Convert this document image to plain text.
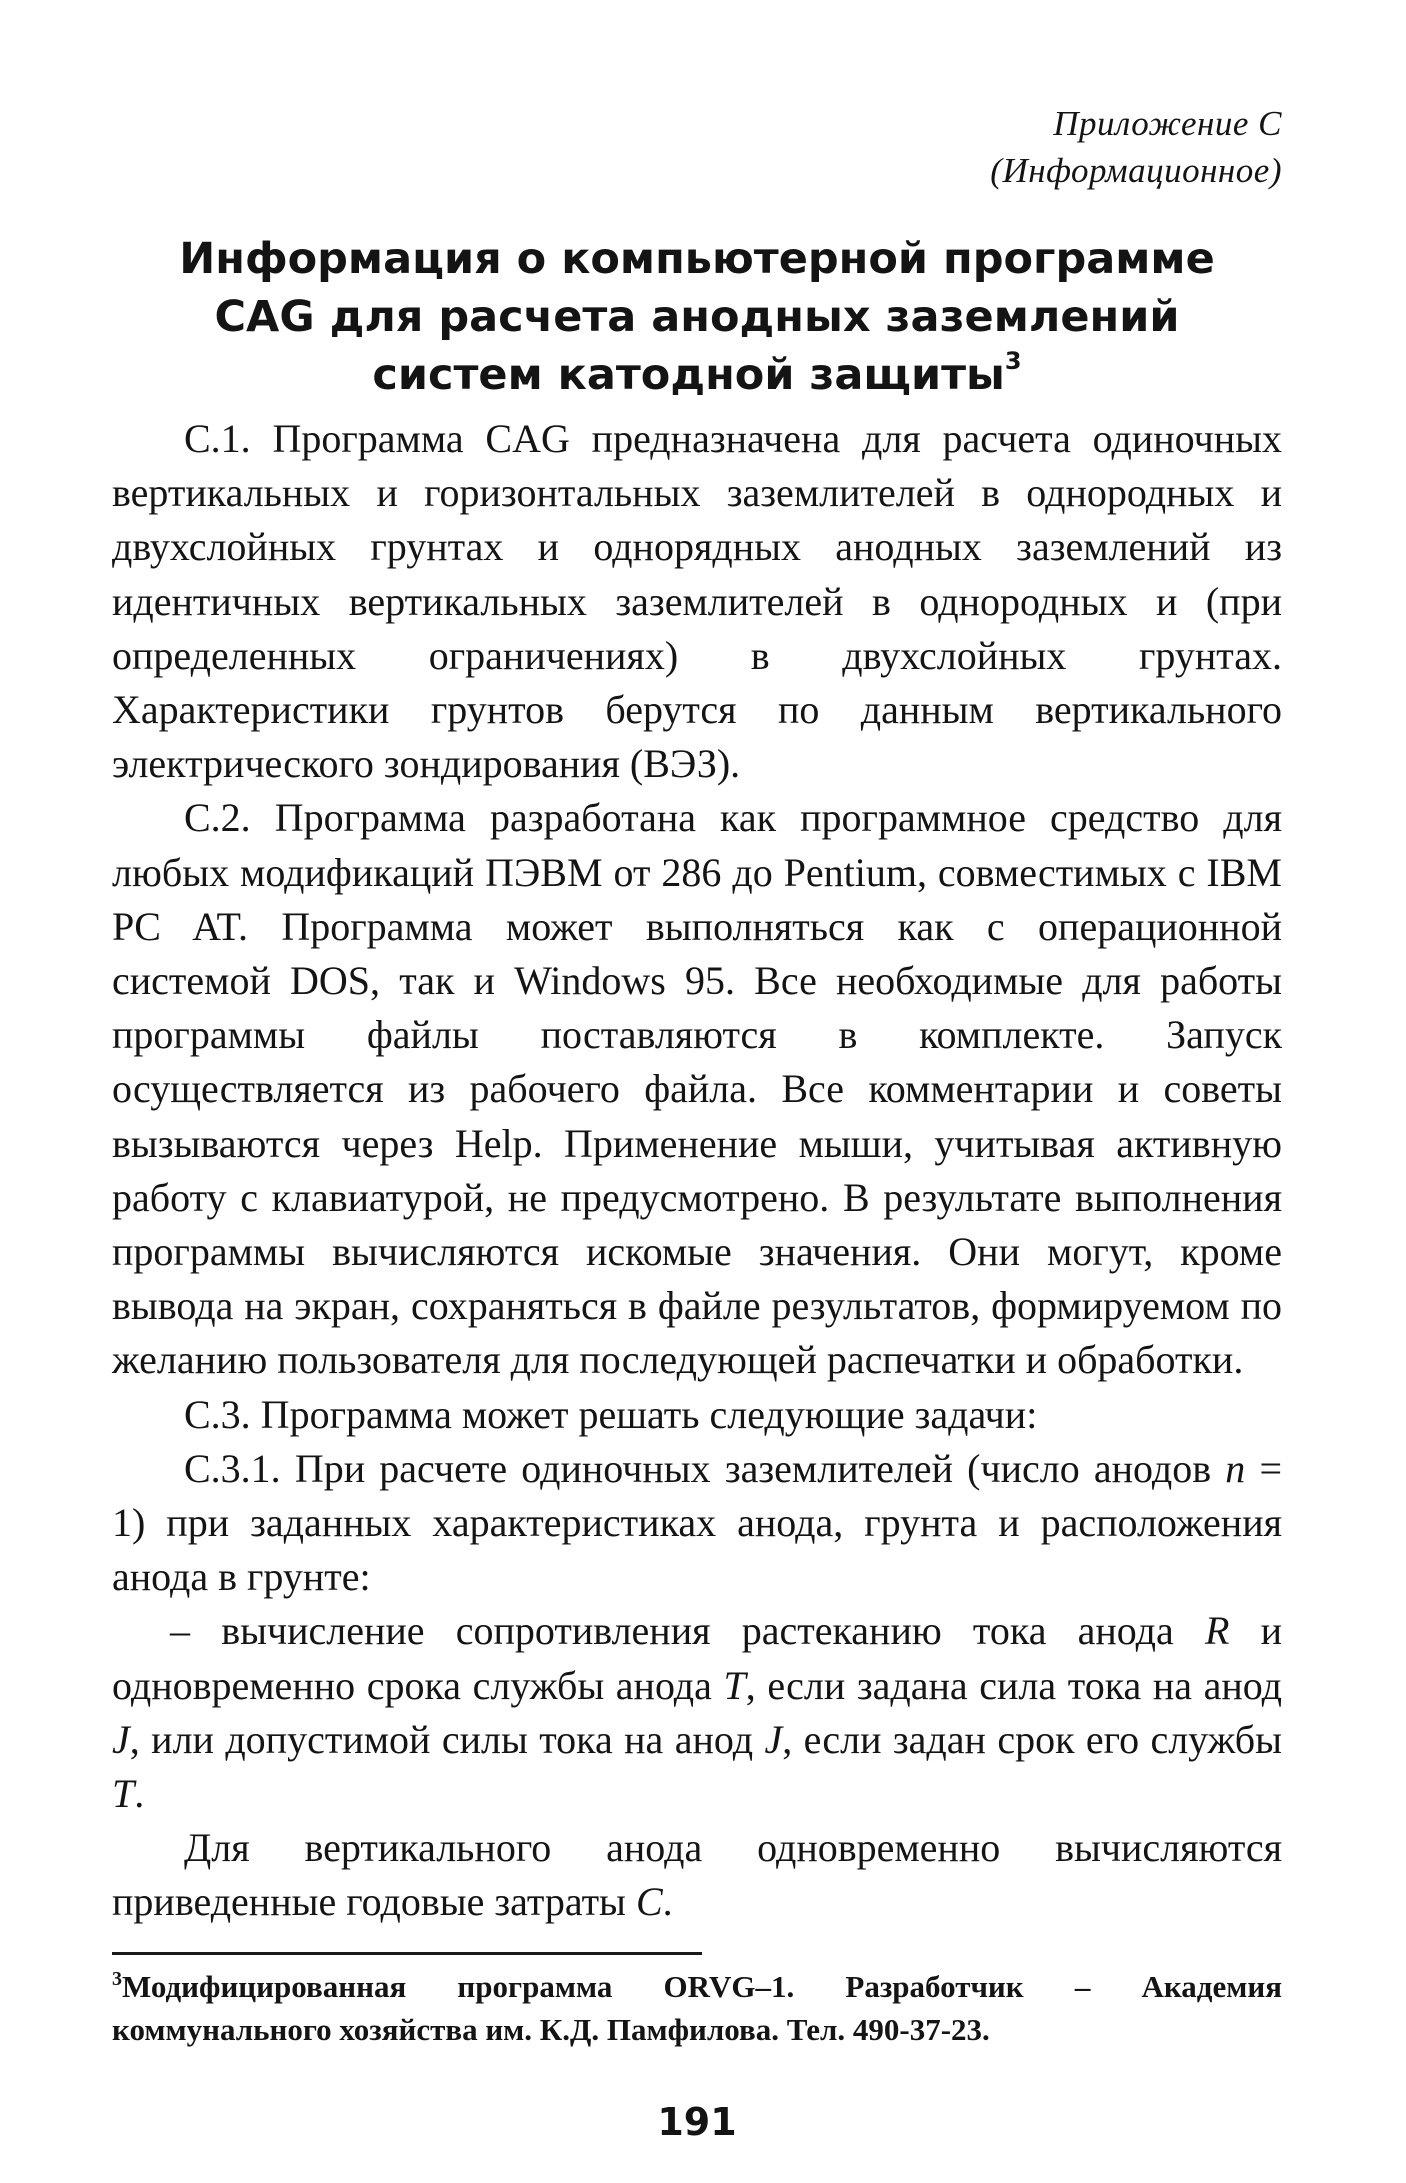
Приложение С
(Информационное)
Информация о компьютерной программе CAG для расчета анодных заземлений систем катодной защиты$^3$

С.1. Программа CAG предназначена для расчета одиночных вертикальных и горизонтальных заземлителей в однородных и двухслойных грунтах и однорядных анодных заземлений из идентичных вертикальных заземлителей в однородных и (при определенных ограничениях) в двухслойных грунтах. Характеристики грунтов берутся по данным вертикального электрического зондирования (ВЭЗ).

С.2. Программа разработана как программное средство для любых модификаций ПЭВМ от 286 до Pentium, совместимых с IBM PC AT. Программа может выполняться как с операционной системой DOS, так и Windows 95. Все необходимые для работы программы файлы поставляются в комплекте. Запуск осуществляется из рабочего файла. Все комментарии и советы вызываются через Help. Применение мыши, учитывая активную работу с клавиатурой, не предусмотрено. В результате выполнения программы вычисляются искомые значения. Они могут, кроме вывода на экран, сохраняться в файле результатов, формируемом по желанию пользователя для последующей распечатки и обработки.

С.3. Программа может решать следующие задачи:

С.3.1. При расчете одиночных заземлителей (число анодов n = 1) при заданных характеристиках анода, грунта и расположения анода в грунте:

– вычисление сопротивления растеканию тока анода R и одновременно срока службы анода T, если задана сила тока на анод J, или допустимой силы тока на анод J, если задан срок его службы T.

Для вертикального анода одновременно вычисляются приведенные годовые затраты C.

$^3$Модифицированная программа ORVG–1. Разработчик – Академия коммунального хозяйства им. К.Д. Памфилова. Тел. 490-37-23.
191
